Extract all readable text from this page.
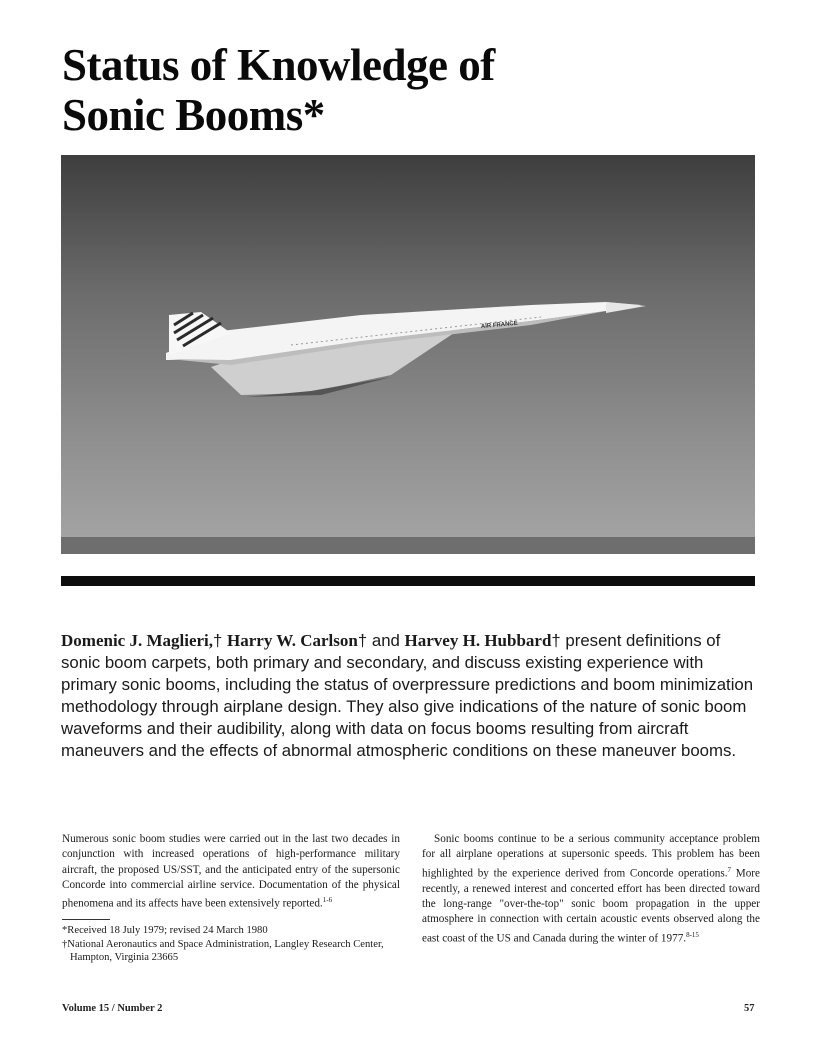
Status of Knowledge of
Sonic Booms*
AIR FRANCE

Domenic J. Maglieri,† Harry W. Carlson† and Harvey H. Hubbard† present definitions of sonic boom carpets, both primary and secondary, and discuss existing experience with primary sonic booms, including the status of overpressure predictions and boom minimization methodology through airplane design. They also give indications of the nature of sonic boom waveforms and their audibility, along with data on focus booms resulting from aircraft maneuvers and the effects of abnormal atmospheric conditions on these maneuver booms.

Numerous sonic boom studies were carried out in the last two decades in conjunction with increased operations of high-performance military aircraft, the proposed US/SST, and the anticipated entry of the supersonic Concorde into commercial airline service. Documentation of the physical phenomena and its affects have been extensively reported.$^{1-6}$

*Received 18 July 1979; revised 24 March 1980
†National Aeronautics and Space Administration, Langley Research Center, Hampton, Virginia 23665

Sonic booms continue to be a serious community acceptance problem for all airplane operations at supersonic speeds. This problem has been highlighted by the experience derived from Concorde operations.$^7$ More recently, a renewed interest and concerted effort has been directed toward the long-range "over-the-top" sonic boom propagation in the upper atmosphere in connection with certain acoustic events observed along the east coast of the US and Canada during the winter of 1977.$^{8-15}$

Volume 15 / Number 2	57
